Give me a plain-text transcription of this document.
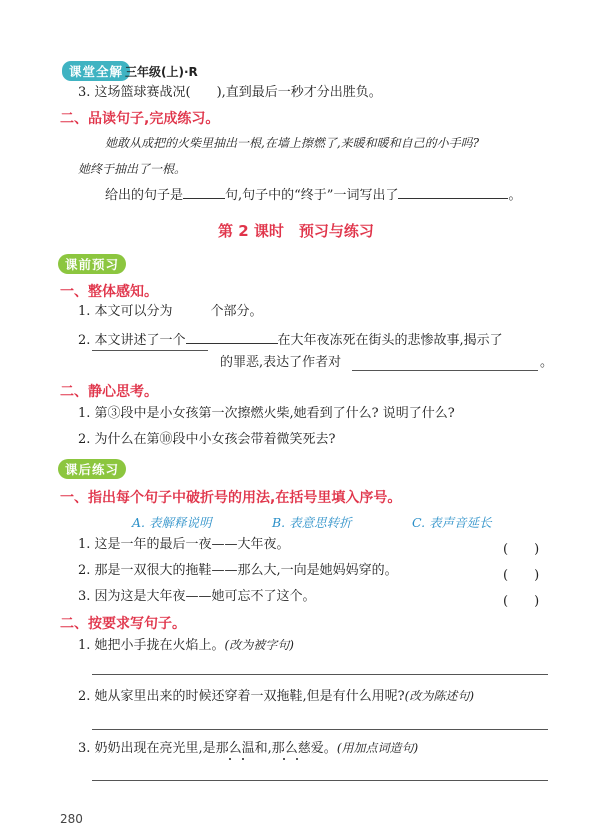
课堂全解 三年级(上)·R
3. 这场篮球赛战况(　　),直到最后一秒才分出胜负。
二、品读句子,完成练习。
她敢从成把的火柴里抽出一根,在墙上擦燃了,来暖和暖和自己的小手吗?
她终于抽出了一根。
给出的句子是	句,句子中的“终于”一词写出了	。
第 2 课时　预习与练习
课前预习
一、整体感知。
1. 本文可以分为	个部分。
2. 本文讲述了一个	在大年夜冻死在街头的悲惨故事,揭示了
的罪恶,表达了作者对	。
二、静心思考。
1. 第③段中是小女孩第一次擦燃火柴,她看到了什么? 说明了什么?
2. 为什么在第⑩段中小女孩会带着微笑死去?
课后练习
一、指出每个句子中破折号的用法,在括号里填入序号。
A. 表解释说明	B. 表意思转折	C. 表声音延长
1. 这是一年的最后一夜——大年夜。	(　　)
2. 那是一双很大的拖鞋——那么大,一向是她妈妈穿的。	(　　)
3. 因为这是大年夜——她可忘不了这个。	(　　)
二、按要求写句子。
1. 她把小手拢在火焰上。(改为被字句)
2. 她从家里出来的时候还穿着一双拖鞋,但是有什么用呢?(改为陈述句)
3. 奶奶出现在亮光里,是那么温和,那么慈爱。(用加点词造句)
280
